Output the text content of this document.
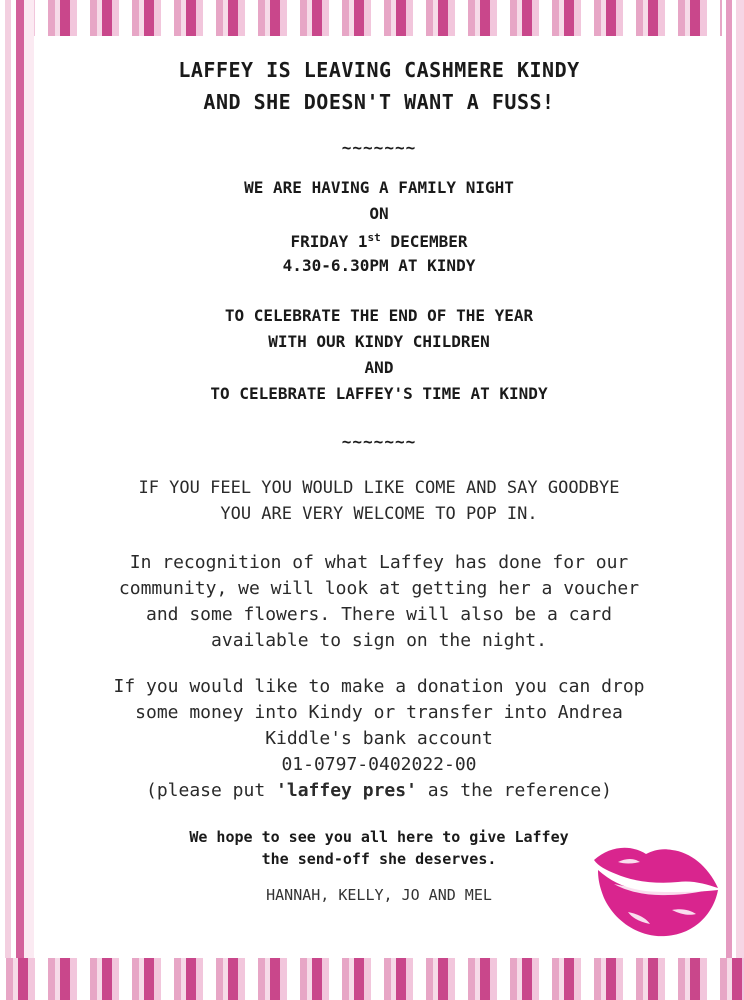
LAFFEY IS LEAVING CASHMERE KINDY
AND SHE DOESN'T WANT A FUSS!
~~~~~~~
WE ARE HAVING A FAMILY NIGHT
ON
FRIDAY 1st DECEMBER
4.30-6.30PM AT KINDY
TO CELEBRATE THE END OF THE YEAR
WITH OUR KINDY CHILDREN
AND
TO CELEBRATE LAFFEY'S TIME AT KINDY
~~~~~~~
IF YOU FEEL YOU WOULD LIKE COME AND SAY GOODBYE
YOU ARE VERY WELCOME TO POP IN.
In recognition of what Laffey has done for our
community, we will look at getting her a voucher
and some flowers. There will also be a card
available to sign on the night.
If you would like to make a donation you can drop
some money into Kindy or transfer into Andrea
Kiddle's bank account
01-0797-0402022-00
(please put 'laffey pres' as the reference)
We hope to see you all here to give Laffey
the send-off she deserves.
HANNAH, KELLY, JO AND MEL
